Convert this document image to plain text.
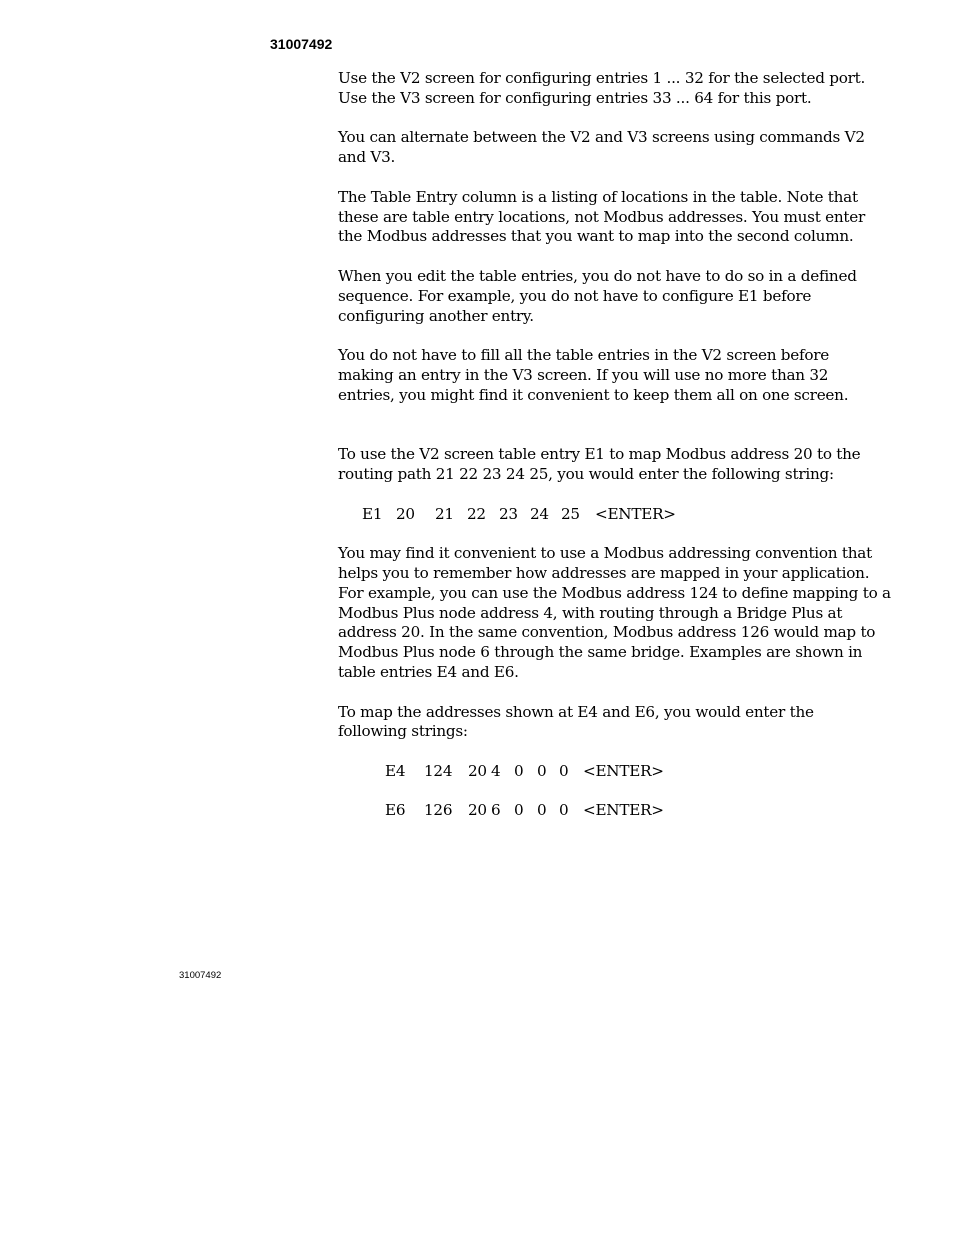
31007492

Use the V2 screen for configuring entries 1 ... 32 for the selected port.
Use the V3 screen for configuring entries 33 ... 64 for this port.

You can alternate between the V2 and V3 screens using commands V2
and V3.

The Table Entry column is a listing of locations in the table. Note that
these are table entry locations, not Modbus addresses. You must enter
the Modbus addresses that you want to map into the second column.

When you edit the table entries, you do not have to do so in a defined
sequence. For example, you do not have to configure E1 before
configuring another entry.

You do not have to fill all the table entries in the V2 screen before
making an entry in the V3 screen. If you will use no more than 32
entries, you might find it convenient to keep them all on one screen.

To use the V2 screen table entry E1 to map Modbus address 20 to the
routing path 21 22 23 24 25, you would enter the following string:

E1 20	21 22 23 24 25 <ENTER>

You may find it convenient to use a Modbus addressing convention that
helps you to remember how addresses are mapped in your application.
For example, you can use the Modbus address 124 to define mapping to a
Modbus Plus node address 4, with routing through a Bridge Plus at
address 20. In the same convention, Modbus address 126 would map to
Modbus Plus node 6 through the same bridge. Examples are shown in
table entries E4 and E6.

To map the addresses shown at E4 and E6, you would enter the
following strings:

E4	124	20 4 0 0 0 <ENTER>
E6	126	20 6 0 0 0 <ENTER>
31007492
